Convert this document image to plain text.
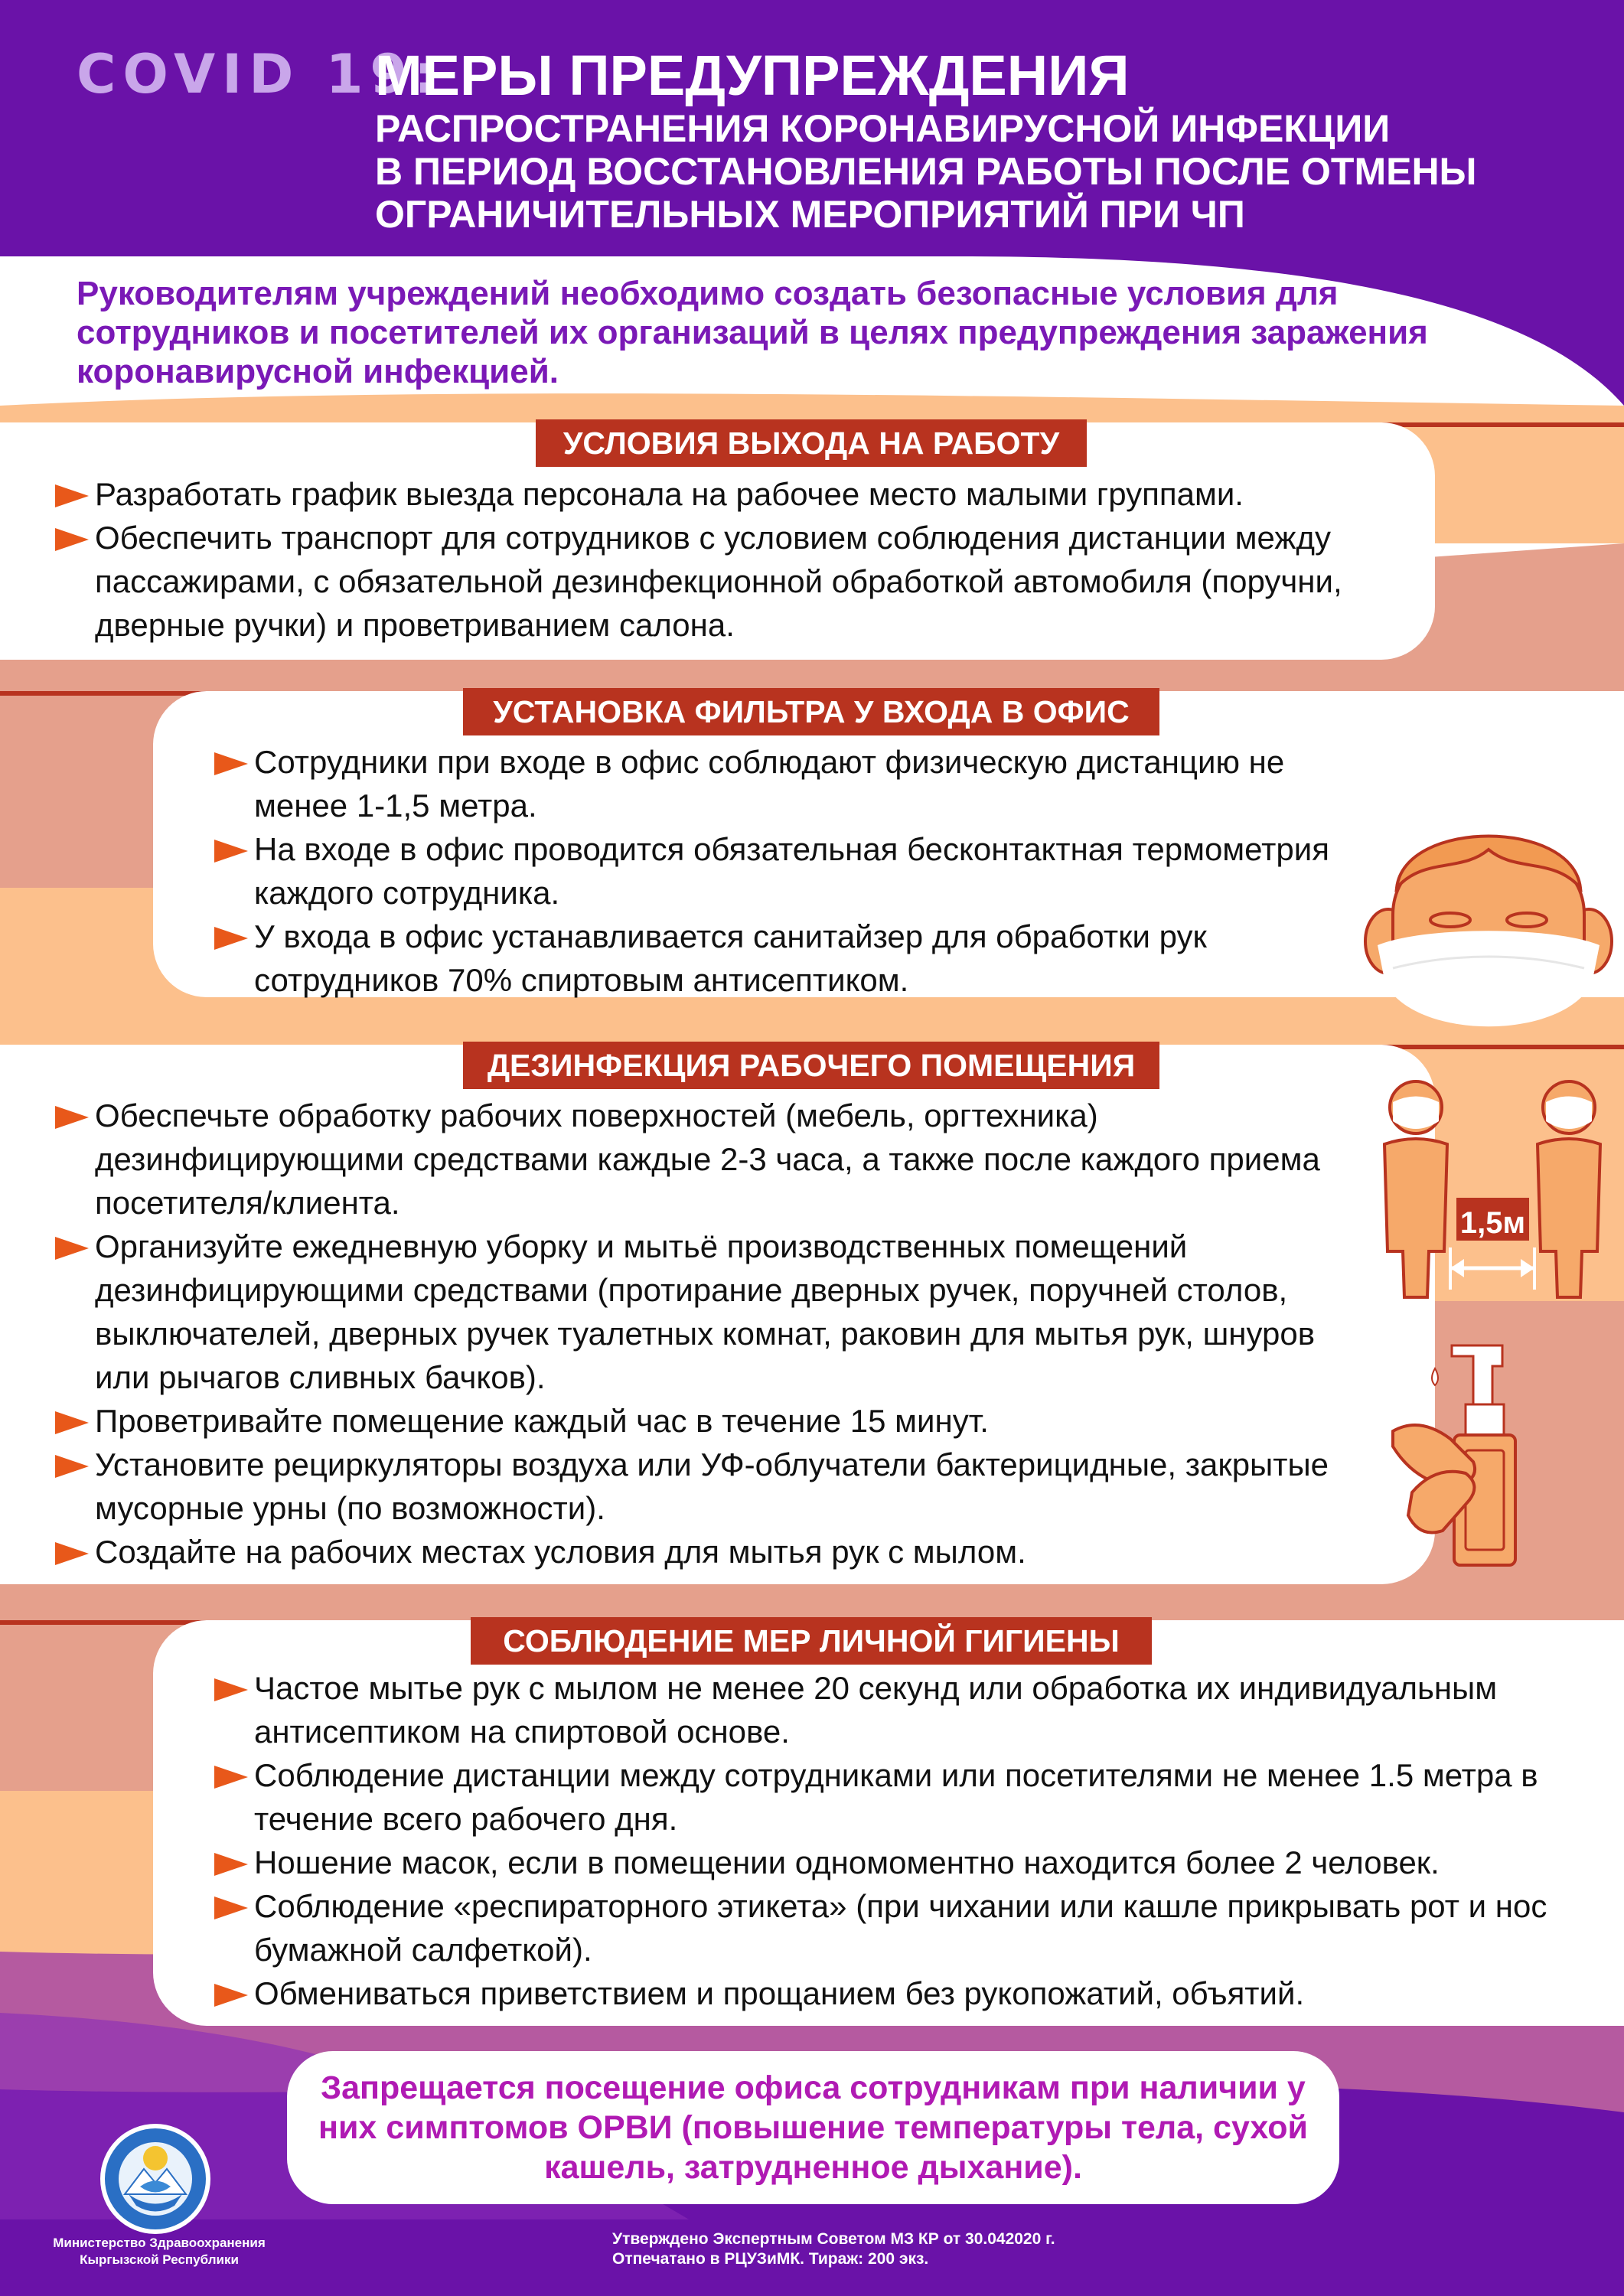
COVID 19:
МЕРЫ ПРЕДУПРЕЖДЕНИЯ
РАСПРОСТРАНЕНИЯ КОРОНАВИРУСНОЙ ИНФЕКЦИИ
В ПЕРИОД ВОССТАНОВЛЕНИЯ РАБОТЫ ПОСЛЕ ОТМЕНЫ
ОГРАНИЧИТЕЛЬНЫХ МЕРОПРИЯТИЙ ПРИ ЧП
Руководителям учреждений необходимо создать безопасные условия для сотрудников и посетителей их организаций в целях предупреждения заражения коронавирусной инфекцией.
УСЛОВИЯ ВЫХОДА НА РАБОТУ

Разработать график выезда персонала на рабочее место малыми группами.

Обеспечить транспорт для сотрудников с условием соблюдения дистанции между пассажирами, с обязательной дезинфекционной обработкой автомобиля (поручни, дверные ручки) и проветриванием салона.

УСТАНОВКА ФИЛЬТРА У ВХОДА В ОФИС

Сотрудники при входе в офис соблюдают физическую дистанцию не менее 1-1,5 метра.

На входе в офис проводится обязательная бесконтактная термометрия каждого сотрудника.

У входа в офис устанавливается санитайзер для обработки рук сотрудников 70% спиртовым антисептиком.

ДЕЗИНФЕКЦИЯ РАБОЧЕГО ПОМЕЩЕНИЯ

Обеспечьте обработку рабочих поверхностей (мебель, оргтехника) дезинфицирующими средствами каждые 2-3 часа, а также после каждого приема посетителя/клиента.

Организуйте ежедневную уборку и мытьё производственных помещений дезинфицирующими средствами (протирание дверных ручек, поручней столов, выключателей, дверных ручек туалетных комнат, раковин для мытья рук, шнуров или рычагов сливных бачков).

Проветривайте помещение каждый час в течение 15 минут.

Установите рециркуляторы воздуха или УФ-облучатели бактерицидные, закрытые мусорные урны (по возможности).

Создайте на рабочих местах условия для мытья рук с мылом.

1,5м
СОБЛЮДЕНИЕ МЕР ЛИЧНОЙ ГИГИЕНЫ

Частое мытье рук с мылом не менее 20 секунд или обработка их индивидуальным антисептиком на спиртовой основе.

Соблюдение дистанции между сотрудниками или посетителями не менее 1.5 метра в течение всего рабочего дня.

Ношение масок, если в помещении одномоментно находится более 2 человек.

Соблюдение «респираторного этикета» (при чихании или кашле прикрывать рот и нос бумажной салфеткой).

Обмениваться приветствием и прощанием без рукопожатий, объятий.

Запрещается посещение офиса сотрудникам при наличии у них симптомов ОРВИ (повышение температуры тела, сухой кашель, затрудненное дыхание).
Министерство Здравоохранения
Кыргызской Республики
Утверждено Экспертным Советом МЗ КР от 30.042020 г.
Отпечатано в РЦУЗиМК. Тираж: 200 экз.
